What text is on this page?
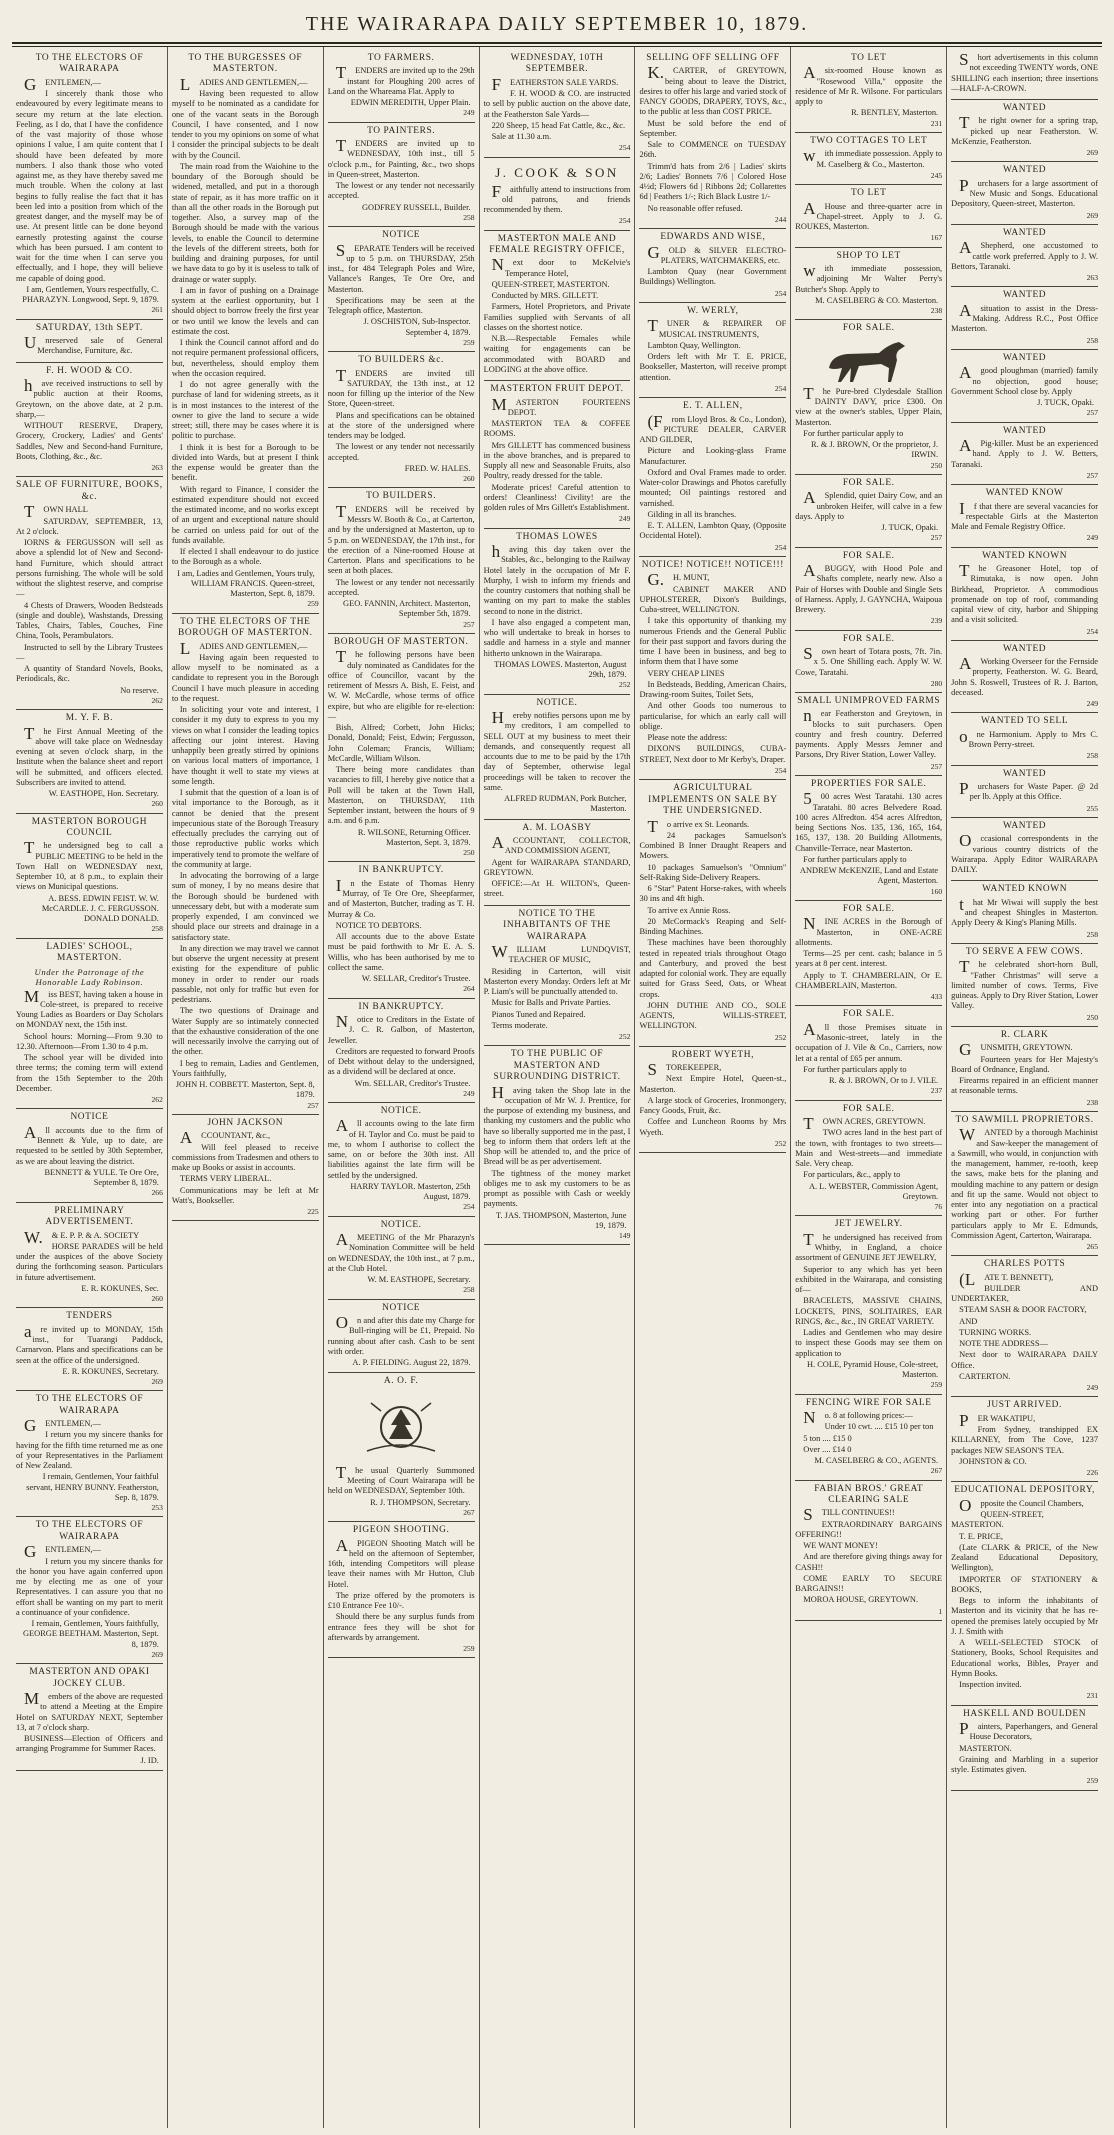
THE WAIRARAPA DAILY SEPTEMBER 10, 1879.
TO THE ELECTORS OF WAIRARAPA

GENTLEMEN,—

I sincerely thank those who endeavoured by every legitimate means to secure my return at the late election. Feeling, as I do, that I have the confidence of the vast majority of those whose opinions I value, I am quite content that I should have been defeated by more numbers. I also thank those who voted against me, as they have thereby saved me much trouble. When the colony at last begins to fully realise the fact that it has been led into a position from which of the greatest danger, and the myself may be of use. At present little can be done beyond earnestly protesting against the course which has been pursued. I am content to wait for the time when I can serve you effectually, and I hope, they will believe me capable of doing good.

I am, Gentlemen, Yours respectfully, C. PHARAZYN. Longwood, Sept. 9, 1879.
261
SATURDAY, 13th SEPT.

Unreserved sale of General Merchandise, Furniture, &c.

F. H. WOOD & CO.

have received instructions to sell by public auction at their Rooms, Greytown, on the above date, at 2 p.m. sharp,—

WITHOUT RESERVE, Drapery, Grocery, Crockery, Ladies' and Gents' Saddles, New and Second-hand Furniture, Boots, Clothing, &c., &c.

263
SALE OF FURNITURE, BOOKS, &c.

TOWN HALL

SATURDAY, SEPTEMBER, 13, At 2 o'clock.

IORNS & FERGUSSON will sell as above a splendid lot of New and Second-hand Furniture, which should attract persons furnishing. The whole will be sold without the slightest reserve, and comprise—

4 Chests of Drawers, Wooden Bedsteads (single and double), Washstands, Dressing Tables, Chairs, Tables, Couches, Fine China, Tools, Perambulators.

Instructed to sell by the Library Trustees—

A quantity of Standard Novels, Books, Periodicals, &c.

No reserve.
262
M. Y. F. B.

The First Annual Meeting of the above will take place on Wednesday evening at seven o'clock sharp, in the Institute when the balance sheet and report will be submitted, and officers elected. Subscribers are invited to attend.

W. EASTHOPE, Hon. Secretary.
260
MASTERTON BOROUGH COUNCIL

The undersigned beg to call a PUBLIC MEETING to be held in the Town Hall on WEDNESDAY next, September 10, at 8 p.m., to explain their views on Municipal questions.

A. BESS. EDWIN FEIST. W. W. McCARDLE. J. C. FERGUSSON. DONALD DONALD.
258
LADIES' SCHOOL, MASTERTON.
Under the Patronage of the Honorable Lady Robinson.

Miss BEST, having taken a house in Cole-street, is prepared to receive Young Ladies as Boarders or Day Scholars on MONDAY next, the 15th inst.

School hours: Morning—From 9.30 to 12.30. Afternoon—From 1.30 to 4 p.m.

The school year will be divided into three terms; the coming term will extend from the 15th September to the 20th December.

262
NOTICE

All accounts due to the firm of Bennett & Yule, up to date, are requested to be settled by 30th September, as we are about leaving the district.

BENNETT & YULE. Te Ore Ore, September 8, 1879.
266
PRELIMINARY ADVERTISEMENT.

W.& E. P. P. & A. SOCIETY

HORSE PARADES will be held under the auspices of the above Society during the forthcoming season. Particulars in future advertisement.

E. R. KOKUNES, Sec.
260
TENDERS

are invited up to MONDAY, 15th inst., for Tuarangi Paddock, Carnarvon. Plans and specifications can be seen at the office of the undersigned.

E. R. KOKUNES, Secretary.
269
TO THE ELECTORS OF WAIRARAPA

GENTLEMEN,—

I return you my sincere thanks for having for the fifth time returned me as one of your Representatives in the Parliament of New Zealand.

I remain, Gentlemen, Your faithful servant, HENRY BUNNY. Featherston, Sep. 8, 1879.
253
TO THE ELECTORS OF WAIRARAPA

GENTLEMEN,—

I return you my sincere thanks for the honor you have again conferred upon me by electing me as one of your Representatives. I can assure you that no effort shall be wanting on my part to merit a continuance of your confidence.

I remain, Gentlemen, Yours faithfully, GEORGE BEETHAM. Masterton, Sept. 8, 1879.
269
MASTERTON AND OPAKI JOCKEY CLUB.

Members of the above are requested to attend a Meeting at the Empire Hotel on SATURDAY NEXT, September 13, at 7 o'clock sharp.

BUSINESS—Election of Officers and arranging Programme for Summer Races.

J. ID.
TO THE BURGESSES OF MASTERTON.

LADIES AND GENTLEMEN,—

Having been requested to allow myself to be nominated as a candidate for one of the vacant seats in the Borough Council, I have consented, and I now tender to you my opinions on some of what I consider the principal subjects to be dealt with by the Council.

The main road from the Waiohine to the boundary of the Borough should be widened, metalled, and put in a thorough state of repair, as it has more traffic on it than all the other roads in the Borough put together. Also, a survey map of the Borough should be made with the various levels, to enable the Council to determine the levels of the different streets, both for building and draining purposes, for until we have data to go by it is useless to talk of drainage or water supply.

I am in favor of pushing on a Drainage system at the earliest opportunity, but I should object to borrow freely the first year or two until we know the levels and can estimate the cost.

I think the Council cannot afford and do not require permanent professional officers, but, nevertheless, should employ them when the occasion required.

I do not agree generally with the purchase of land for widening streets, as it is in most instances to the interest of the owner to give the land to secure a wide street; still, there may be cases where it is politic to purchase.

I think it is best for a Borough to be divided into Wards, but at present I think the expense would be greater than the benefit.

With regard to Finance, I consider the estimated expenditure should not exceed the estimated income, and no works except of an urgent and exceptional nature should be carried on unless paid for out of the funds available.

If elected I shall endeavour to do justice to the Borough as a whole.

I am, Ladies and Gentlemen, Yours truly, WILLIAM FRANCIS. Queen-street, Masterton, Sept. 8, 1879.
259
TO THE ELECTORS OF THE BOROUGH OF MASTERTON.

LADIES AND GENTLEMEN,—

Having again been requested to allow myself to be nominated as a candidate to represent you in the Borough Council I have much pleasure in acceding to the request.

In soliciting your vote and interest, I consider it my duty to express to you my views on what I consider the leading topics affecting our joint interest. Having unhappily been greatly stirred by opinions on various local matters of importance, I have thought it well to state my views at some length.

I submit that the question of a loan is of vital importance to the Borough, as it cannot be denied that the present impecunious state of the Borough Treasury effectually precludes the carrying out of those reproductive public works which imperatively tend to promote the welfare of the community at large.

In advocating the borrowing of a large sum of money, I by no means desire that the Borough should be burdened with unnecessary debt, but with a moderate sum properly expended, I am convinced we should place our streets and drainage in a satisfactory state.

In any direction we may travel we cannot but observe the urgent necessity at present existing for the expenditure of public money in order to render our roads passable, not only for traffic but even for pedestrians.

The two questions of Drainage and Water Supply are so intimately connected that the exhaustive consideration of the one will necessarily involve the carrying out of the other.

I beg to remain, Ladies and Gentlemen, Yours faithfully,

JOHN H. COBBETT. Masterton, Sept. 8, 1879.
257
JOHN JACKSON

ACCOUNTANT, &c.,

Will feel pleased to receive commissions from Tradesmen and others to make up Books or assist in accounts.

TERMS VERY LIBERAL.

Communications may be left at Mr Watt's, Bookseller.

225
TO FARMERS.

TENDERS are invited up to the 29th instant for Ploughing 200 acres of Land on the Whareama Flat. Apply to

EDWIN MEREDITH, Upper Plain.
249
TO PAINTERS.

TENDERS are invited up to WEDNESDAY, 10th inst., till 5 o'clock p.m., for Painting, &c., two shops in Queen-street, Masterton.

The lowest or any tender not necessarily accepted.

GODFREY RUSSELL, Builder.
258
NOTICE

SEPARATE Tenders will be received up to 5 p.m. on THURSDAY, 25th inst., for 484 Telegraph Poles and Wire, Vallance's Ranges, Te Ore Ore, and Masterton.

Specifications may be seen at the Telegraph office, Masterton.

J. OSCHISTON, Sub-Inspector. September 4, 1879.
259
TO BUILDERS &c.

TENDERS are invited till SATURDAY, the 13th inst., at 12 noon for filling up the interior of the New Store, Queen-street.

Plans and specifications can be obtained at the store of the undersigned where tenders may be lodged.

The lowest or any tender not necessarily accepted.

FRED. W. HALES.
260
TO BUILDERS.

TENDERS will be received by Messrs W. Booth & Co., at Carterton, and by the undersigned at Masterton, up to 5 p.m. on WEDNESDAY, the 17th inst., for the erection of a Nine-roomed House at Carterton. Plans and specifications to be seen at both places.

The lowest or any tender not necessarily accepted.

GEO. FANNIN, Architect. Masterton, September 5th, 1879.
257
BOROUGH OF MASTERTON.

The following persons have been duly nominated as Candidates for the office of Councillor, vacant by the retirement of Messrs A. Bish, E. Feist, and W. W. McCardle, whose terms of office expire, but who are eligible for re-election:—

Bish, Alfred; Corbett, John Hicks; Donald, Donald; Feist, Edwin; Fergusson, John Coleman; Francis, William; McCardle, William Wilson.

There being more candidates than vacancies to fill, I hereby give notice that a Poll will be taken at the Town Hall, Masterton, on THURSDAY, 11th September instant, between the hours of 9 a.m. and 6 p.m.

R. WILSONE, Returning Officer. Masterton, Sept. 3, 1879.
250
IN BANKRUPTCY.

In the Estate of Thomas Henry Murray, of Te Ore Ore, Sheepfarmer, and of Masterton, Butcher, trading as T. H. Murray & Co.

NOTICE TO DEBTORS.

All accounts due to the above Estate must be paid forthwith to Mr E. A. S. Willis, who has been authorised by me to collect the same.

W. SELLAR, Creditor's Trustee.
264
IN BANKRUPTCY.

Notice to Creditors in the Estate of J. C. R. Galbon, of Masterton, Jeweller.

Creditors are requested to forward Proofs of Debt without delay to the undersigned, as a dividend will be declared at once.

Wm. SELLAR, Creditor's Trustee.
249
NOTICE.

All accounts owing to the late firm of H. Taylor and Co. must be paid to me, to whom I authorise to collect the same, on or before the 30th inst. All liabilities against the late firm will be settled by the undersigned.

HARRY TAYLOR. Masterton, 25th August, 1879.
254
NOTICE.

AMEETING of the Mr Pharazyn's Nomination Committee will be held on WEDNESDAY, the 10th inst., at 7 p.m., at the Club Hotel.

W. M. EASTHOPE, Secretary.
258
NOTICE

On and after this date my Charge for Bull-ringing will be £1, Prepaid. No running about after cash. Cash to be sent with order.

A. P. FIELDING. August 22, 1879.
A. O. F.

The usual Quarterly Summoned Meeting of Court Wairarapa will be held on WEDNESDAY, September 10th.

R. J. THOMPSON, Secretary.
267
PIGEON SHOOTING.

APIGEON Shooting Match will be held on the afternoon of September, 16th, intending Competitors will please leave their names with Mr Hutton, Club Hotel.

The prize offered by the promoters is £10 Entrance Fee 10/-.

Should there be any surplus funds from entrance fees they will be shot for afterwards by arrangement.

259
WEDNESDAY, 10TH SEPTEMBER.

FEATHERSTON SALE YARDS.

F. H. WOOD & CO. are instructed to sell by public auction on the above date, at the Featherston Sale Yards—

220 Sheep, 15 head Fat Cattle, &c., &c.

Sale at 11.30 a.m.

254
J. COOK & SON

Faithfully attend to instructions from old patrons, and friends recommended by them.

254
MASTERTON MALE AND FEMALE REGISTRY OFFICE,

Next door to McKelvie's Temperance Hotel,

QUEEN-STREET, MASTERTON.

Conducted by MRS. GILLETT.

Farmers, Hotel Proprietors, and Private Families supplied with Servants of all classes on the shortest notice.

N.B.—Respectable Females while waiting for engagements can be accommodated with BOARD and LODGING at the above office.

MASTERTON FRUIT DEPOT.

MASTERTON FOURTEENS DEPOT.

MASTERTON TEA & COFFEE ROOMS.

Mrs GILLETT has commenced business in the above branches, and is prepared to Supply all new and Seasonable Fruits, also Poultry, ready dressed for the table.

Moderate prices! Careful attention to orders! Cleanliness! Civility! are the golden rules of Mrs Gillett's Establishment.

249
THOMAS LOWES

having this day taken over the Stables, &c., belonging to the Railway Hotel lately in the occupation of Mr F. Murphy, I wish to inform my friends and the country customers that nothing shall be wanting on my part to make the stables second to none in the district.

I have also engaged a competent man, who will undertake to break in horses to saddle and harness in a style and manner hitherto unknown in the Wairarapa.

THOMAS LOWES. Masterton, August 29th, 1879.
252
NOTICE.

Hereby notifies persons upon me by my creditors, I am compelled to SELL OUT at my business to meet their demands, and consequently request all accounts due to me to be paid by the 17th day of September, otherwise legal proceedings will be taken to recover the same.

ALFRED RUDMAN, Pork Butcher, Masterton.
A. M. LOASBY

ACCOUNTANT, COLLECTOR, AND COMMISSION AGENT,

Agent for WAIRARAPA STANDARD, GREYTOWN.

OFFICE:—At H. WILTON's, Queen-street.

NOTICE TO THE INHABITANTS OF THE WAIRARAPA

WILLIAM LUNDQVIST, TEACHER OF MUSIC,

Residing in Carterton, will visit Masterton every Monday. Orders left at Mr P. Liam's will be punctually attended to.

Music for Balls and Private Parties.

Pianos Tuned and Repaired.

Terms moderate.

252
TO THE PUBLIC OF MASTERTON AND SURROUNDING DISTRICT.

Having taken the Shop late in the occupation of Mr W. J. Prentice, for the purpose of extending my business, and thanking my customers and the public who have so liberally supported me in the past, I beg to inform them that orders left at the Shop will be attended to, and the price of Bread will be as per advertisement.

The tightness of the money market obliges me to ask my customers to be as prompt as possible with Cash or weekly payments.

T. JAS. THOMPSON, Masterton, June 19, 1879.
149
SELLING OFF SELLING OFF

K.CARTER, of GREYTOWN, being about to leave the District, desires to offer his large and varied stock of FANCY GOODS, DRAPERY, TOYS, &c., to the public at less than COST PRICE.

Must be sold before the end of September.

Sale to COMMENCE on TUESDAY 26th.

Trimm'd hats from 2/6 | Ladies' skirts 2/6; Ladies' Bonnets 7/6 | Colored Hose 4½d; Flowers 6d | Ribbons 2d; Collarettes 6d | Feathers 1/-; Rich Black Lustre 1/-

No reasonable offer refused.

244
EDWARDS AND WISE,

GOLD & SILVER ELECTRO-PLATERS, WATCHMAKERS, etc.

Lambton Quay (near Government Buildings) Wellington.

254
W. WERLY,

TUNER & REPAIRER OF MUSICAL INSTRUMENTS,

Lambton Quay, Wellington.

Orders left with Mr T. E. PRICE, Bookseller, Masterton, will receive prompt attention.

254
E. T. ALLEN,

(From Lloyd Bros. & Co., London), PICTURE DEALER, CARVER AND GILDER,

Picture and Looking-glass Frame Manufacturer.

Oxford and Oval Frames made to order. Water-color Drawings and Photos carefully mounted; Oil paintings restored and varnished.

Gilding in all its branches.

E. T. ALLEN, Lambton Quay, (Opposite Occidental Hotel).

254
NOTICE! NOTICE!! NOTICE!!!

G.H. MUNT,

CABINET MAKER AND UPHOLSTERER, Dixon's Buildings, Cuba-street, WELLINGTON.

I take this opportunity of thanking my numerous Friends and the General Public for their past support and favors during the time I have been in business, and beg to inform them that I have some

VERY CHEAP LINES

In Bedsteads, Bedding, American Chairs, Drawing-room Suites, Toilet Sets,

And other Goods too numerous to particularise, for which an early call will oblige.

Please note the address:

DIXON'S BUILDINGS, CUBA-STREET, Next door to Mr Kerby's, Draper.

254
AGRICULTURAL IMPLEMENTS ON SALE BY THE UNDERSIGNED.

To arrive ex St. Leonards.

24 packages Samuelson's Combined B Inner Draught Reapers and Mowers.

10 packages Samuelson's "Omnium" Self-Raking Side-Delivery Reapers.

6 "Star" Patent Horse-rakes, with wheels 30 ins and 4ft high.

To arrive ex Annie Ross.

20 McCormack's Reaping and Self-Binding Machines.

These machines have been thoroughly tested in repeated trials throughout Otago and Canterbury, and proved the best adapted for colonial work. They are equally suited for Grass Seed, Oats, or Wheat crops.

JOHN DUTHIE AND CO., SOLE AGENTS, WILLIS-STREET, WELLINGTON.

252
ROBERT WYETH,

STOREKEEPER,

Next Empire Hotel, Queen-st., Masterton.

A large stock of Groceries, Ironmongery, Fancy Goods, Fruit, &c.

Coffee and Luncheon Rooms by Mrs Wyeth.

252
TO LET

Asix-roomed House known as "Rosewood Villa," opposite the residence of Mr R. Wilsone. For particulars apply to

R. BENTLEY, Masterton.
231
TWO COTTAGES TO LET

with immediate possession. Apply to M. Caselberg & Co., Masterton.

245
TO LET

AHouse and three-quarter acre in Chapel-street. Apply to J. G. ROUKES, Masterton.

167
SHOP TO LET

with immediate possession, adjoining Mr Walter Perry's Butcher's Shop. Apply to

M. CASELBERG & CO. Masterton.
238
FOR SALE.

The Pure-bred Clydesdale Stallion DAINTY DAVY, price £300. On view at the owner's stables, Upper Plain, Masterton.

For further particular apply to

R. & J. BROWN, Or the proprietor, J. IRWIN.
250
FOR SALE.

ASplendid, quiet Dairy Cow, and an unbroken Heifer, will calve in a few days. Apply to

J. TUCK, Opaki.
257
FOR SALE.

ABUGGY, with Hood Pole and Shafts complete, nearly new. Also a Pair of Horses with Double and Single Sets of Harness. Apply, J. GAYNCHA, Waipoua Brewery.

239
FOR SALE.

Sown heart of Totara posts, 7ft. 7in. x 5. One Shilling each. Apply W. W. Cowe, Taratahi.

280
SMALL UNIMPROVED FARMS

near Featherston and Greytown, in blocks to suit purchasers. Open country and fresh country. Deferred payments. Apply Messrs Jemner and Parsons, Dry River Station, Lower Valley.

257
PROPERTIES FOR SALE.

500 acres West Taratahi. 130 acres Taratahi. 80 acres Belvedere Road. 100 acres Alfredton. 454 acres Alfredton, being Sections Nos. 135, 136, 165, 164, 165, 137, 138. 20 Building Allotments, Chanville-Terrace, near Masterton.

For further particulars apply to

ANDREW McKENZIE, Land and Estate Agent, Masterton.
160
FOR SALE.

NINE ACRES in the Borough of Masterton, in ONE-ACRE allotments.

Terms—25 per cent. cash; balance in 5 years at 8 per cent. interest.

Apply to T. CHAMBERLAIN, Or E. CHAMBERLAIN, Masterton.

433
FOR SALE.

All those Premises situate in Masonic-street, lately in the occupation of J. Vile & Co., Carriers, now let at a rental of £65 per annum.

For further particulars apply to

R. & J. BROWN, Or to J. VILE.
237
FOR SALE.

TOWN ACRES, GREYTOWN.

TWO acres land in the best part of the town, with frontages to two streets—Main and West-streets—and immediate Sale. Very cheap.

For particulars, &c., apply to

A. L. WEBSTER, Commission Agent, Greytown.
76
JET JEWELRY.

The undersigned has received from Whitby, in England, a choice assortment of GENUINE JET JEWELRY,

Superior to any which has yet been exhibited in the Wairarapa, and consisting of—

BRACELETS, MASSIVE CHAINS, LOCKETS, PINS, SOLITAIRES, EAR RINGS, &c., &c., IN GREAT VARIETY.

Ladies and Gentlemen who may desire to inspect these Goods may see them on application to

H. COLE, Pyramid House, Cole-street, Masterton.
259
FENCING WIRE FOR SALE

No. 8 at following prices:—

Under 10 cwt. .... £15 10 per ton

5 ton .... £15 0

Over .... £14 0

M. CASELBERG & CO., AGENTS.
267
FABIAN BROS.' GREAT CLEARING SALE

STILL CONTINUES!!

EXTRAORDINARY BARGAINS OFFERING!!

WE WANT MONEY!

And are therefore giving things away for CASH!!

COME EARLY TO SECURE BARGAINS!!

MOROA HOUSE, GREYTOWN.

1

Short advertisements in this column not exceeding TWENTY words, ONE SHILLING each insertion; three insertions—HALF-A-CROWN.

WANTED

The right owner for a spring trap, picked up near Featherston. W. McKenzie, Featherston.

269
WANTED

Purchasers for a large assortment of New Music and Songs. Educational Depository, Queen-street, Masterton.

269
WANTED

AShepherd, one accustomed to cattle work preferred. Apply to J. W. Bettors, Taranaki.

263
WANTED

Asituation to assist in the Dress-Making. Address R.C., Post Office Masterton.

258
WANTED

Agood ploughman (married) family no objection, good house; Government School close by. Apply

J. TUCK, Opaki.
257
WANTED

APig-killer. Must be an experienced hand. Apply to J. W. Betters, Taranaki.

257
WANTED KNOW

If that there are several vacancies for respectable Girls at the Masterton Male and Female Registry Office.

249
WANTED KNOWN

The Greasoner Hotel, top of Rimutaka, is now open. John Birkhead, Proprietor. A commodious promenade on top of roof, commanding capital view of city, harbor and Shipping and a visit solicited.

254
WANTED

AWorking Overseer for the Fernside property, Featherston. W. G. Beard, John S. Roswell, Trustees of R. J. Barton, deceased.

249
WANTED TO SELL

one Harmonium. Apply to Mrs C. Brown Perry-street.

258
WANTED

Purchasers for Waste Paper. @ 2d per lb. Apply at this Office.

255
WANTED

Occasional correspondents in the various country districts of the Wairarapa. Apply Editor WAIRARAPA DAILY.

WANTED KNOWN

that Mr Wiwai will supply the best and cheapest Shingles in Masterton. Apply Deery & King's Planing Mills.

258
TO SERVE A FEW COWS.

The celebrated short-horn Bull, "Father Christmas" will serve a limited number of cows. Terms, Five guineas. Apply to Dry River Station, Lower Valley.

250
R. CLARK

GUNSMITH, GREYTOWN.

Fourteen years for Her Majesty's Board of Ordnance, England.

Firearms repaired in an efficient manner at reasonable terms.

238
TO SAWMILL PROPRIETORS.

WANTED by a thorough Machinist and Saw-keeper the management of a Sawmill, who would, in conjunction with the management, hammer, re-tooth, keep the saws, make bets for the planing and moulding machine to any pattern or design and fit up the same. Would not object to enter into any negotiation on a practical working part or other. For further particulars apply to Mr E. Edmunds, Commission Agent, Carterton, Wairarapa.

265
CHARLES POTTS

(LATE T. BENNETT),

BUILDER AND UNDERTAKER,

STEAM SASH & DOOR FACTORY,

AND

TURNING WORKS.

NOTE THE ADDRESS—

Next door to WAIRARAPA DAILY Office.

CARTERTON.

249
JUST ARRIVED.

PER WAKATIPU,

From Sydney, transhipped EX KILLARNEY, from The Cove, 1237 packages NEW SEASON'S TEA.

JOHNSTON & CO.

226
EDUCATIONAL DEPOSITORY,

Opposite the Council Chambers,

QUEEN-STREET, MASTERTON.

T. E. PRICE,

(Late CLARK & PRICE, of the New Zealand Educational Depository, Wellington),

IMPORTER OF STATIONERY & BOOKS,

Begs to inform the inhabitants of Masterton and its vicinity that he has re-opened the premises lately occupied by Mr J. J. Smith with

A WELL-SELECTED STOCK of Stationery, Books, School Requisites and Educational works, Bibles, Prayer and Hymn Books.

Inspection invited.

231
HASKELL AND BOULDEN

Painters, Paperhangers, and General House Decorators,

MASTERTON.

Graining and Marbling in a superior style. Estimates given.

259
